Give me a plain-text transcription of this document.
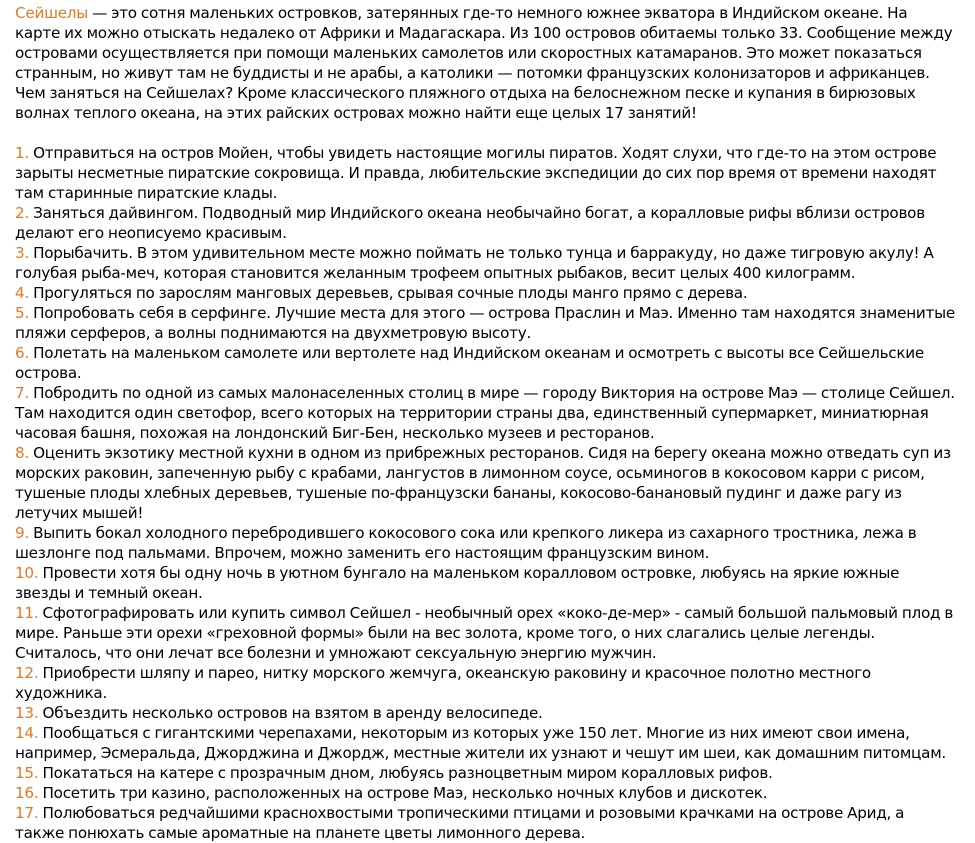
Сейшелы — это сотня маленьких островков, затерянных где-то немного южнее экватора в Индийском океане. На карте их можно отыскать недалеко от Африки и Мадагаскара. Из 100 островов обитаемы только 33. Сообщение между островами осуществляется при помощи маленьких самолетов или скоростных катамаранов. Это может показаться странным, но живут там не буддисты и не арабы, а католики — потомки французских колонизаторов и африканцев.

Чем заняться на Сейшелах? Кроме классического пляжного отдыха на белоснежном песке и купания в бирюзовых волнах теплого океана, на этих райских островах можно найти еще целых 17 занятий!

1. Отправиться на остров Мойен, чтобы увидеть настоящие могилы пиратов. Ходят слухи, что где-то на этом острове зарыты несметные пиратские сокровища. И правда, любительские экспедиции до сих пор время от времени находят там старинные пиратские клады.

2. Заняться дайвингом. Подводный мир Индийского океана необычайно богат, а коралловые рифы вблизи островов делают его неописуемо красивым.

3. Порыбачить. В этом удивительном месте можно поймать не только тунца и барракуду, но даже тигровую акулу! А голубая рыба-меч, которая становится желанным трофеем опытных рыбаков, весит целых 400 килограмм.

4. Прогуляться по зарослям манговых деревьев, срывая сочные плоды манго прямо с дерева.

5. Попробовать себя в серфинге. Лучшие места для этого — острова Праслин и Маэ. Именно там находятся знаменитые пляжи серферов, а волны поднимаются на двухметровую высоту.

6. Полетать на маленьком самолете или вертолете над Индийском океанам и осмотреть с высоты все Сейшельские острова.

7. Побродить по одной из самых малонаселенных столиц в мире — городу Виктория на острове Маэ — столице Сейшел. Там находится один светофор, всего которых на территории страны два, единственный супермаркет, миниатюрная часовая башня, похожая на лондонский Биг-Бен, несколько музеев и ресторанов.

8. Оценить экзотику местной кухни в одном из прибрежных ресторанов. Сидя на берегу океана можно отведать суп из морских раковин, запеченную рыбу с крабами, лангустов в лимонном соусе, осьминогов в кокосовом карри с рисом, тушеные плоды хлебных деревьев, тушеные по-французски бананы, кокосово-банановый пудинг и даже рагу из летучих мышей!

9. Выпить бокал холодного перебродившего кокосового сока или крепкого ликера из сахарного тростника, лежа в шезлонге под пальмами. Впрочем, можно заменить его настоящим французским вином.

10. Провести хотя бы одну ночь в уютном бунгало на маленьком коралловом островке, любуясь на яркие южные звезды и темный океан.

11. Сфотографировать или купить символ Сейшел - необычный орех «коко-де-мер» - самый большой пальмовый плод в мире. Раньше эти орехи «греховной формы» были на вес золота, кроме того, о них слагались целые легенды. Считалось, что они лечат все болезни и умножают сексуальную энергию мужчин.

12. Приобрести шляпу и парео, нитку морского жемчуга, океанскую раковину и красочное полотно местного художника.

13. Объездить несколько островов на взятом в аренду велосипеде.

14. Пообщаться с гигантскими черепахами, некоторым из которых уже 150 лет. Многие из них имеют свои имена, например, Эсмеральда, Джорджина и Джордж, местные жители их узнают и чешут им шеи, как домашним питомцам.

15. Покататься на катере с прозрачным дном, любуясь разноцветным миром коралловых рифов.

16. Посетить три казино, расположенных на острове Маэ, несколько ночных клубов и дискотек.

17. Полюбоваться редчайшими краснохвостыми тропическими птицами и розовыми крачками на острове Арид, а также понюхать самые ароматные на планете цветы лимонного дерева.
